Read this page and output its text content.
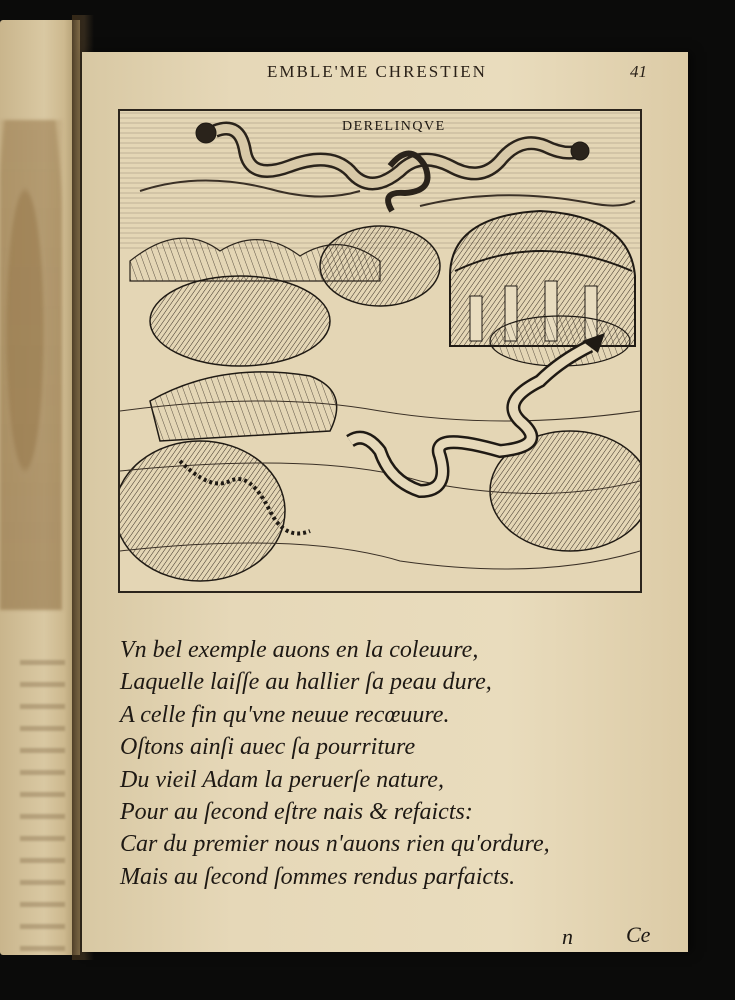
EMBLE'ME CHRESTIEN	41
DERELINQVE
Vn bel exemple auons en la coleuure,
Laquelle laiſſe au hallier ſa peau dure,
A celle fin qu'vne neuue recœuure.
Oſtons ainſi auec ſa pourriture
Du vieil Adam la peruerſe nature,
Pour au ſecond eſtre nais & refaicts:
Car du premier nous n'auons rien qu'ordure,
Mais au ſecond ſommes rendus parfaicts.
n Ce
